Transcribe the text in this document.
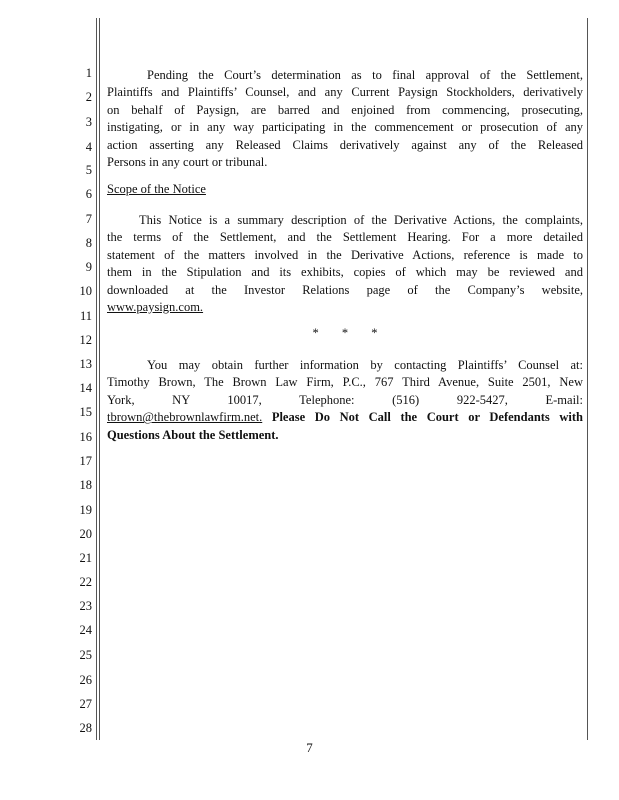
1
2
3
4
5
6
7
8
9
10
11
12
13
14
15
16
17
18
19
20
21
22
23
24
25
26
27
28
Pending the Court’s determination as to final approval of the Settlement,
Plaintiffs and Plaintiffs’ Counsel, and any Current Paysign Stockholders, derivatively
on behalf of Paysign, are barred and enjoined from commencing, prosecuting,
instigating, or in any way participating in the commencement or prosecution of any
action asserting any Released Claims derivatively against any of the Released
Persons in any court or tribunal.
Scope of the Notice
This Notice is a summary description of the Derivative Actions, the complaints,
the terms of the Settlement, and the Settlement Hearing. For a more detailed
statement of the matters involved in the Derivative Actions, reference is made to
them in the Stipulation and its exhibits, copies of which may be reviewed and
downloaded at the Investor Relations page of the Company’s website,
www.paysign.com.
* * *
You may obtain further information by contacting Plaintiffs’ Counsel at:
Timothy Brown, The Brown Law Firm, P.C., 767 Third Avenue, Suite 2501, New
York, NY 10017, Telephone: (516) 922-5427, E-mail:
tbrown@thebrownlawfirm.net. Please Do Not Call the Court or Defendants with
Questions About the Settlement.
7
